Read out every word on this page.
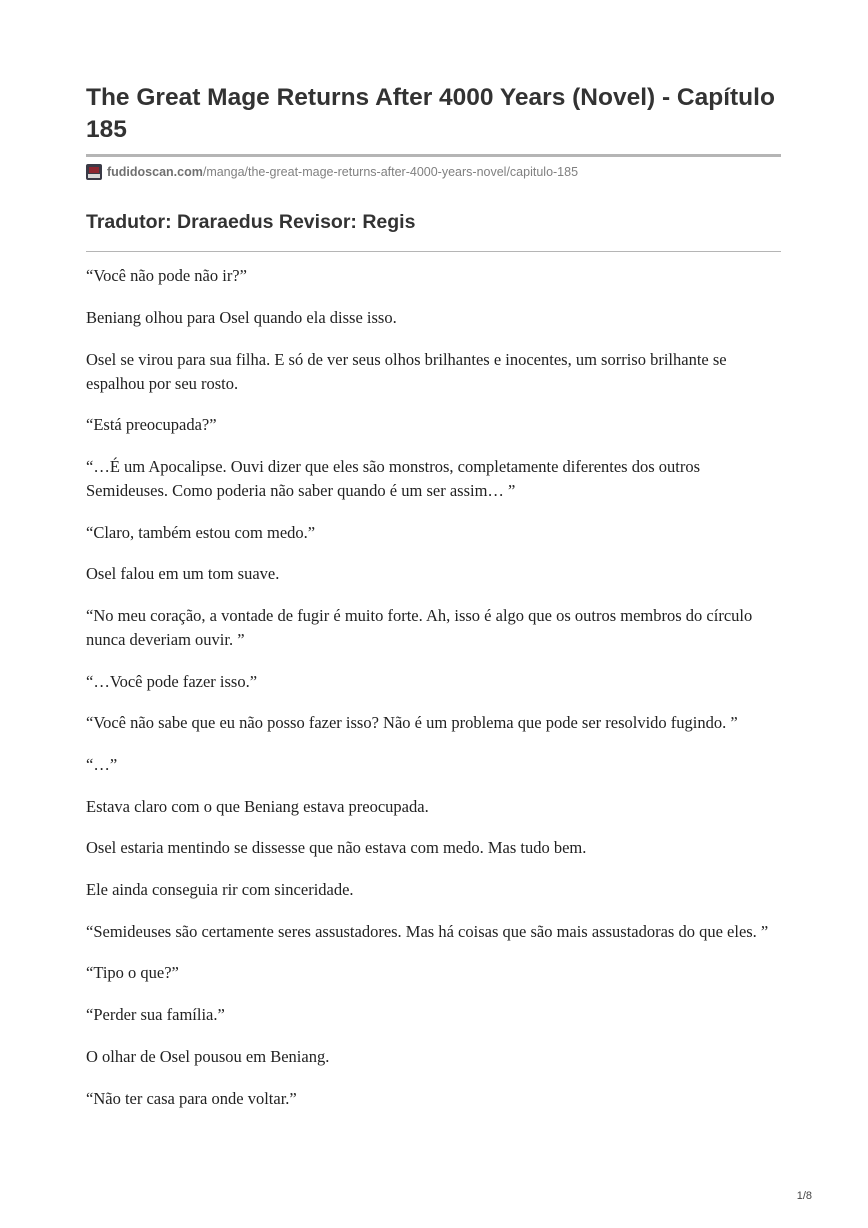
The Great Mage Returns After 4000 Years (Novel) - Capítulo 185
fudidoscan.com /manga/the-great-mage-returns-after-4000-years-novel/capitulo-185
Tradutor: Draraedus Revisor: Regis

“Você não pode não ir?”

Beniang olhou para Osel quando ela disse isso.

Osel se virou para sua filha. E só de ver seus olhos brilhantes e inocentes, um sorriso brilhante se espalhou por seu rosto.

“Está preocupada?”

“…É um Apocalipse. Ouvi dizer que eles são monstros, completamente diferentes dos outros Semideuses. Como poderia não saber quando é um ser assim… ”

“Claro, também estou com medo.”

Osel falou em um tom suave.

“No meu coração, a vontade de fugir é muito forte. Ah, isso é algo que os outros membros do círculo nunca deveriam ouvir. ”

“…Você pode fazer isso.”

“Você não sabe que eu não posso fazer isso? Não é um problema que pode ser resolvido fugindo. ”

“…”

Estava claro com o que Beniang estava preocupada.

Osel estaria mentindo se dissesse que não estava com medo. Mas tudo bem.

Ele ainda conseguia rir com sinceridade.

“Semideuses são certamente seres assustadores. Mas há coisas que são mais assustadoras do que eles. ”

“Tipo o que?”

“Perder sua família.”

O olhar de Osel pousou em Beniang.

“Não ter casa para onde voltar.”

1/8
